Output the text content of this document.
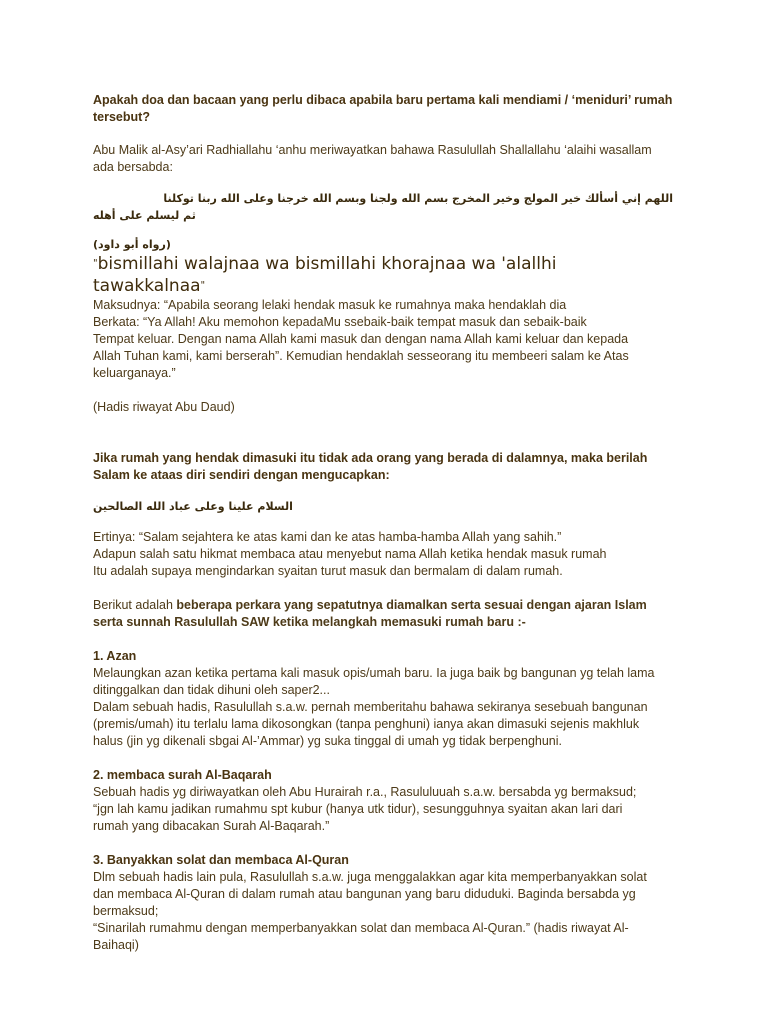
Apakah doa dan bacaan yang perlu dibaca apabila baru pertama kali mendiami / ‘meniduri’ rumah tersebut?

Abu Malik al-Asy’ari Radhiallahu ‘anhu meriwayatkan bahawa Rasulullah Shallallahu ‘alaihi wasallam
ada bersabda:
اللهم إني أسألك خير المولج وخير المخرج بسم الله ولجنا وبسم الله خرجنا وعلى الله ربنا توكلنا
ثم ليسلم على أهله
(رواه أبو داود)
"bismillahi walajnaa wa bismillahi khorajnaa wa 'alallhi tawakkalnaa"
Maksudnya: “Apabila seorang lelaki hendak masuk ke rumahnya maka hendaklah dia
Berkata: “Ya Allah! Aku memohon kepadaMu ssebaik-baik tempat masuk dan sebaik-baik
Tempat keluar. Dengan nama Allah kami masuk dan dengan nama Allah kami keluar dan kepada
Allah Tuhan kami, kami berserah”. Kemudian hendaklah sesseorang itu membeeri salam ke Atas
keluarganaya.”
(Hadis riwayat Abu Daud)

Jika rumah yang hendak dimasuki itu tidak ada orang yang berada di dalamnya, maka berilah Salam ke ataas diri sendiri dengan mengucapkan:

السلام علينا وعلى عباد الله الصالحين
Ertinya: “Salam sejahtera ke atas kami dan ke atas hamba-hamba Allah yang sahih.”
Adapun salah satu hikmat membaca atau menyebut nama Allah ketika hendak masuk rumah
Itu adalah supaya mengindarkan syaitan turut masuk dan bermalam di dalam rumah.

Berikut adalah beberapa perkara yang sepatutnya diamalkan serta sesuai dengan ajaran Islam serta sunnah Rasulullah SAW ketika melangkah memasuki rumah baru :-

1. Azan
Melaungkan azan ketika pertama kali masuk opis/umah baru. Ia juga baik bg bangunan yg telah lama
ditinggalkan dan tidak dihuni oleh saper2...
Dalam sebuah hadis, Rasulullah s.a.w. pernah memberitahu bahawa sekiranya sesebuah bangunan
(premis/umah) itu terlalu lama dikosongkan (tanpa penghuni) ianya akan dimasuki sejenis makhluk
halus (jin yg dikenali sbgai Al-’Ammar) yg suka tinggal di umah yg tidak berpenghuni.
2. membaca surah Al-Baqarah
Sebuah hadis yg diriwayatkan oleh Abu Hurairah r.a., Rasululuuah s.a.w. bersabda yg bermaksud;
“jgn lah kamu jadikan rumahmu spt kubur (hanya utk tidur), sesungguhnya syaitan akan lari dari
rumah yang dibacakan Surah Al-Baqarah.”
3. Banyakkan solat dan membaca Al-Quran
Dlm sebuah hadis lain pula, Rasulullah s.a.w. juga menggalakkan agar kita memperbanyakkan solat
dan membaca Al-Quran di dalam rumah atau bangunan yang baru diduduki. Baginda bersabda yg
bermaksud;
“Sinarilah rumahmu dengan memperbanyakkan solat dan membaca Al-Quran.” (hadis riwayat Al-
Baihaqi)
